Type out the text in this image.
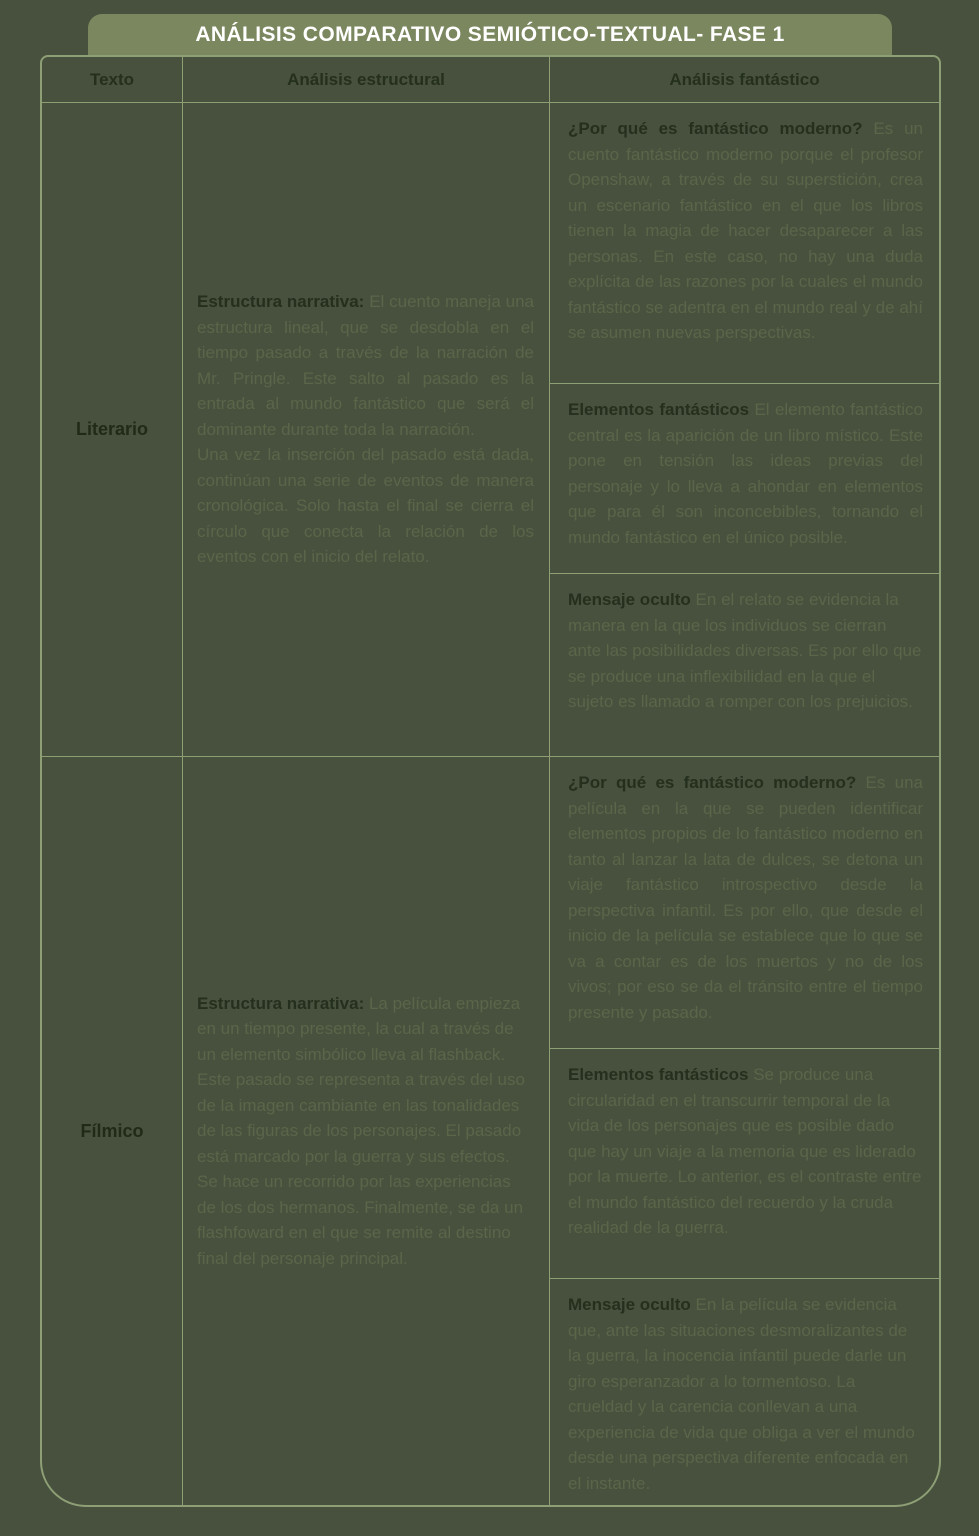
ANÁLISIS COMPARATIVO SEMIÓTICO-TEXTUAL- FASE 1
Texto	Análisis estructural	Análisis fantástico
Literario

Estructura narrativa: El cuento maneja una estructura lineal, que se desdobla en el tiempo pasado a través de la narración de Mr. Pringle. Este salto al pasado es la entrada al mundo fantástico que será el dominante durante toda la narración.

Una vez la inserción del pasado está dada, continúan una serie de eventos de manera cronológica. Solo hasta el final se cierra el círculo que conecta la relación de los eventos con el inicio del relato.

¿Por qué es fantástico moderno? Es un cuento fantástico moderno porque el profesor Openshaw, a través de su superstición, crea un escenario fantástico en el que los libros tienen la magia de hacer desaparecer a las personas. En este caso, no hay una duda explícita de las razones por la cuales el mundo fantástico se adentra en el mundo real y de ahí se asumen nuevas perspectivas.

Elementos fantásticos El elemento fantástico central es la aparición de un libro místico. Este pone en tensión las ideas previas del personaje y lo lleva a ahondar en elementos que para él son inconcebibles, tornando el mundo fantástico en el único posible.

Mensaje oculto En el relato se evidencia la manera en la que los individuos se cierran ante las posibilidades diversas. Es por ello que se produce una inflexibilidad en la que el sujeto es llamado a romper con los prejuicios.

Fílmico

Estructura narrativa: La película empieza en un tiempo presente, la cual a través de un elemento simbólico lleva al flashback. Este pasado se representa a través del uso de la imagen cambiante en las tonalidades de las figuras de los personajes. El pasado está marcado por la guerra y sus efectos. Se hace un recorrido por las experiencias de los dos hermanos. Finalmente, se da un flashfoward en el que se remite al destino final del personaje principal.

¿Por qué es fantástico moderno? Es una película en la que se pueden identificar elementos propios de lo fantástico moderno en tanto al lanzar la lata de dulces, se detona un viaje fantástico introspectivo desde la perspectiva infantil. Es por ello, que desde el inicio de la película se establece que lo que se va a contar es de los muertos y no de los vivos; por eso se da el tránsito entre el tiempo presente y pasado.

Elementos fantásticos Se produce una circularidad en el transcurrir temporal de la vida de los personajes que es posible dado que hay un viaje a la memoria que es liderado por la muerte. Lo anterior, es el contraste entre el mundo fantástico del recuerdo y la cruda realidad de la guerra.

Mensaje oculto En la película se evidencia que, ante las situaciones desmoralizantes de la guerra, la inocencia infantil puede darle un giro esperanzador a lo tormentoso. La crueldad y la carencia conllevan a una experiencia de vida que obliga a ver el mundo desde una perspectiva diferente enfocada en el instante.
